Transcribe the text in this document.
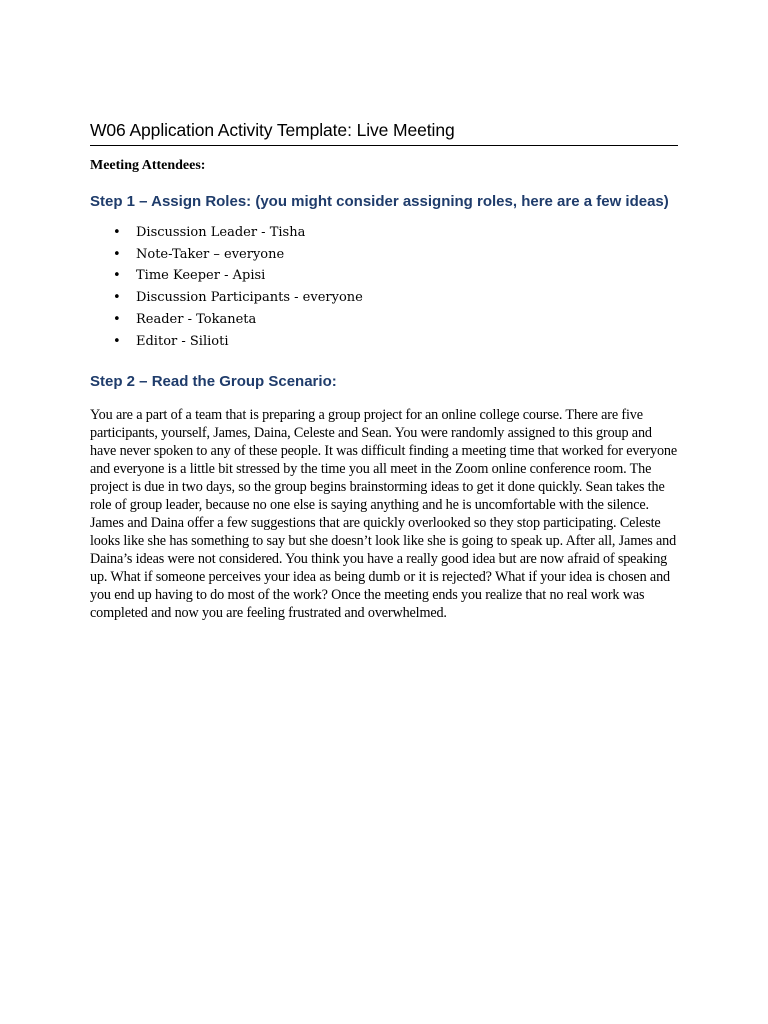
W06 Application Activity Template: Live Meeting

Meeting Attendees:

Step 1 – Assign Roles: (you might consider assigning roles, here are a few ideas)
• Discussion Leader - Tisha
• Note-Taker – everyone
• Time Keeper - Apisi
• Discussion Participants - everyone
• Reader - Tokaneta
• Editor - Silioti
Step 2 – Read the Group Scenario:

You are a part of a team that is preparing a group project for an online college course. There are five participants, yourself, James, Daina, Celeste and Sean. You were randomly assigned to this group and have never spoken to any of these people. It was difficult finding a meeting time that worked for everyone and everyone is a little bit stressed by the time you all meet in the Zoom online conference room. The project is due in two days, so the group begins brainstorming ideas to get it done quickly. Sean takes the role of group leader, because no one else is saying anything and he is uncomfortable with the silence. James and Daina offer a few suggestions that are quickly overlooked so they stop participating. Celeste looks like she has something to say but she doesn’t look like she is going to speak up. After all, James and Daina’s ideas were not considered. You think you have a really good idea but are now afraid of speaking up. What if someone perceives your idea as being dumb or it is rejected? What if your idea is chosen and you end up having to do most of the work? Once the meeting ends you realize that no real work was completed and now you are feeling frustrated and overwhelmed.
